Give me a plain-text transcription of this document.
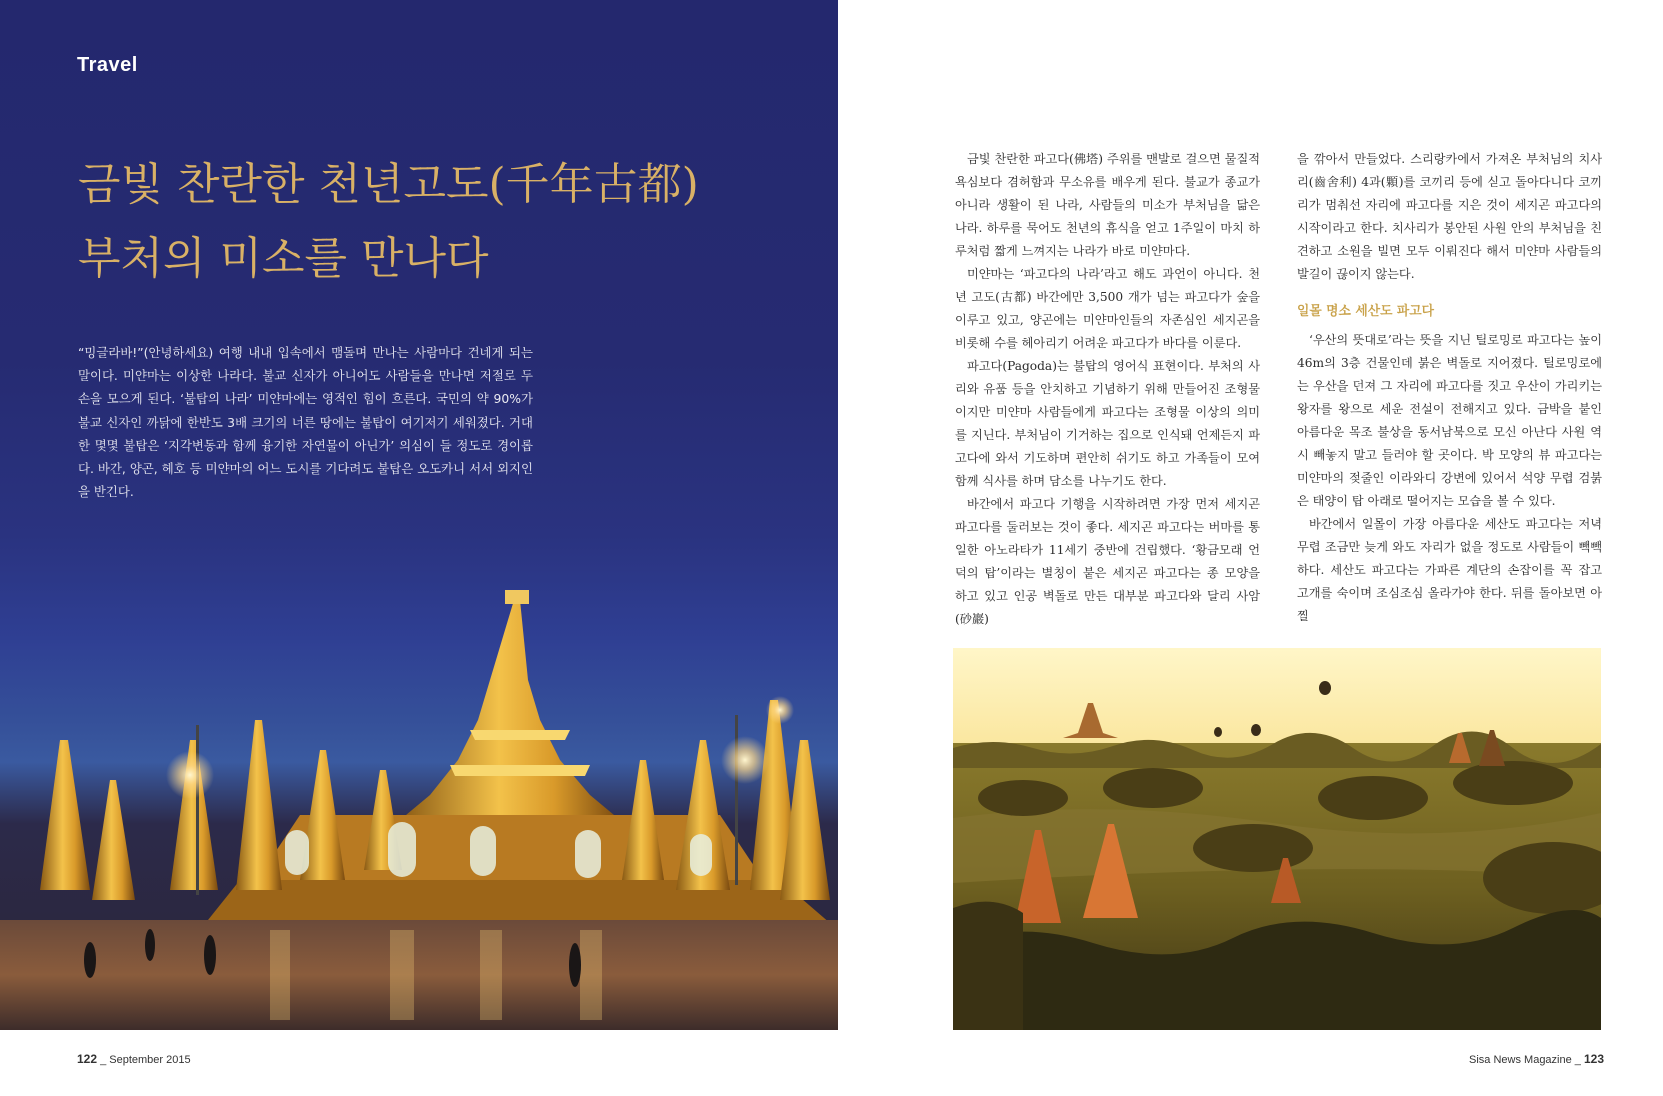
Travel
금빛 찬란한 천년고도(千年古都)
부처의 미소를 만나다
“밍글라바!”(안녕하세요) 여행 내내 입속에서 맴돌며 만나는 사람마다 건네게 되는 말이다. 미얀마는 이상한 나라다. 불교 신자가 아니어도 사람들을 만나면 저절로 두 손을 모으게 된다. ‘불탑의 나라’ 미얀마에는 영적인 힘이 흐른다. 국민의 약 90%가 불교 신자인 까닭에 한반도 3배 크기의 너른 땅에는 불탑이 여기저기 세워졌다. 거대한 몇몇 불탑은 ‘지각변동과 함께 융기한 자연물이 아닌가’ 의심이 들 정도로 경이롭다. 바간, 양곤, 헤호 등 미얀마의 어느 도시를 기다려도 불탑은 오도카니 서서 외지인을 반긴다.

금빛 찬란한 파고다(佛塔) 주위를 맨발로 걸으면 물질적 욕심보다 겸허함과 무소유를 배우게 된다. 불교가 종교가 아니라 생활이 된 나라, 사람들의 미소가 부처님을 닮은 나라. 하루를 묵어도 천년의 휴식을 얻고 1주일이 마치 하루처럼 짧게 느껴지는 나라가 바로 미얀마다.

미얀마는 ‘파고다의 나라’라고 해도 과언이 아니다. 천년 고도(古都) 바간에만 3,500 개가 넘는 파고다가 숲을 이루고 있고, 양곤에는 미얀마인들의 자존심인 세지곤을 비롯해 수를 헤아리기 어려운 파고다가 바다를 이룬다.

파고다(Pagoda)는 불탑의 영어식 표현이다. 부처의 사리와 유품 등을 안치하고 기념하기 위해 만들어진 조형물이지만 미얀마 사람들에게 파고다는 조형물 이상의 의미를 지닌다. 부처님이 기거하는 집으로 인식돼 언제든지 파고다에 와서 기도하며 편안히 쉬기도 하고 가족들이 모여 함께 식사를 하며 담소를 나누기도 한다.

바간에서 파고다 기행을 시작하려면 가장 먼저 세지곤 파고다를 둘러보는 것이 좋다. 세지곤 파고다는 버마를 통일한 아노라타가 11세기 중반에 건립했다. ‘황금모래 언덕의 탑’이라는 별칭이 붙은 세지곤 파고다는 종 모양을 하고 있고 인공 벽돌로 만든 대부분 파고다와 달리 사암(砂巖)

을 깎아서 만들었다. 스리랑카에서 가져온 부처님의 치사리(齒舍利) 4과(顆)를 코끼리 등에 싣고 돌아다니다 코끼리가 멈춰선 자리에 파고다를 지은 것이 세지곤 파고다의 시작이라고 한다. 치사리가 봉안된 사원 안의 부처님을 친견하고 소원을 빌면 모두 이뤄진다 해서 미얀마 사람들의 발길이 끊이지 않는다.

일몰 명소 세산도 파고다

‘우산의 뜻대로’라는 뜻을 지닌 틸로밍로 파고다는 높이 46m의 3층 건물인데 붉은 벽돌로 지어졌다. 틸로밍로에는 우산을 던져 그 자리에 파고다를 짓고 우산이 가리키는 왕자를 왕으로 세운 전설이 전해지고 있다. 금박을 붙인 아름다운 목조 불상을 동서남북으로 모신 아난다 사원 역시 빼놓지 말고 들러야 할 곳이다. 박 모양의 뷰 파고다는 미얀마의 젖줄인 이라와디 강변에 있어서 석양 무렵 검붉은 태양이 탑 아래로 떨어지는 모습을 볼 수 있다.

바간에서 일몰이 가장 아름다운 세산도 파고다는 저녁 무렵 조금만 늦게 와도 자리가 없을 정도로 사람들이 빽빽하다. 세산도 파고다는 가파른 계단의 손잡이를 꼭 잡고 고개를 숙이며 조심조심 올라가야 한다. 뒤를 돌아보면 아찔

122 _ September 2015	Sisa News Magazine _ 123
